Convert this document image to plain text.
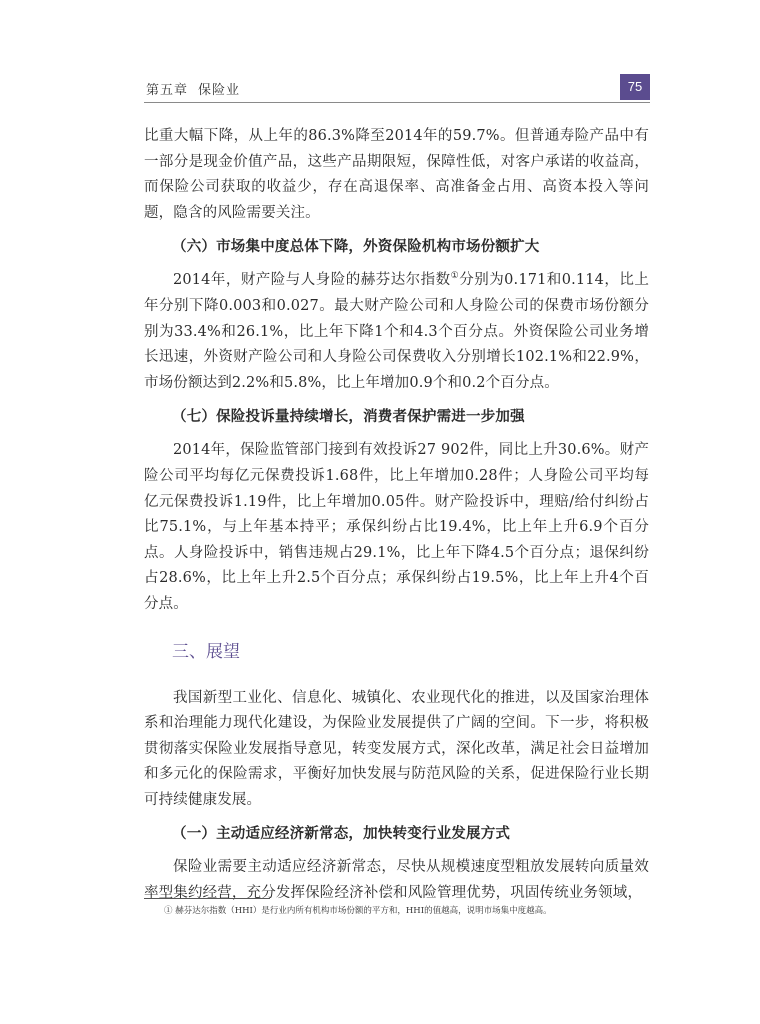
第五章 保险业	75

比重大幅下降，从上年的86.3%降至2014年的59.7%。但普通寿险产品中有一部分是现金价值产品，这些产品期限短，保障性低，对客户承诺的收益高，而保险公司获取的收益少，存在高退保率、高准备金占用、高资本投入等问题，隐含的风险需要关注。

（六）市场集中度总体下降，外资保险机构市场份额扩大

2014年，财产险与人身险的赫芬达尔指数①分别为0.171和0.114，比上年分别下降0.003和0.027。最大财产险公司和人身险公司的保费市场份额分别为33.4%和26.1%，比上年下降1个和4.3个百分点。外资保险公司业务增长迅速，外资财产险公司和人身险公司保费收入分别增长102.1%和22.9%，市场份额达到2.2%和5.8%，比上年增加0.9个和0.2个百分点。

（七）保险投诉量持续增长，消费者保护需进一步加强

2014年，保险监管部门接到有效投诉27 902件，同比上升30.6%。财产险公司平均每亿元保费投诉1.68件，比上年增加0.28件；人身险公司平均每亿元保费投诉1.19件，比上年增加0.05件。财产险投诉中，理赔/给付纠纷占比75.1%，与上年基本持平；承保纠纷占比19.4%，比上年上升6.9个百分点。人身险投诉中，销售违规占29.1%，比上年下降4.5个百分点；退保纠纷占28.6%，比上年上升2.5个百分点；承保纠纷占19.5%，比上年上升4个百分点。

三、展望

我国新型工业化、信息化、城镇化、农业现代化的推进，以及国家治理体系和治理能力现代化建设，为保险业发展提供了广阔的空间。下一步，将积极贯彻落实保险业发展指导意见，转变发展方式，深化改革，满足社会日益增加和多元化的保险需求，平衡好加快发展与防范风险的关系，促进保险行业长期可持续健康发展。

（一）主动适应经济新常态，加快转变行业发展方式

保险业需要主动适应经济新常态，尽快从规模速度型粗放发展转向质量效率型集约经营，充分发挥保险经济补偿和风险管理优势，巩固传统业务领域，

① 赫芬达尔指数（HHI）是行业内所有机构市场份额的平方和，HHI的值越高，说明市场集中度越高。
